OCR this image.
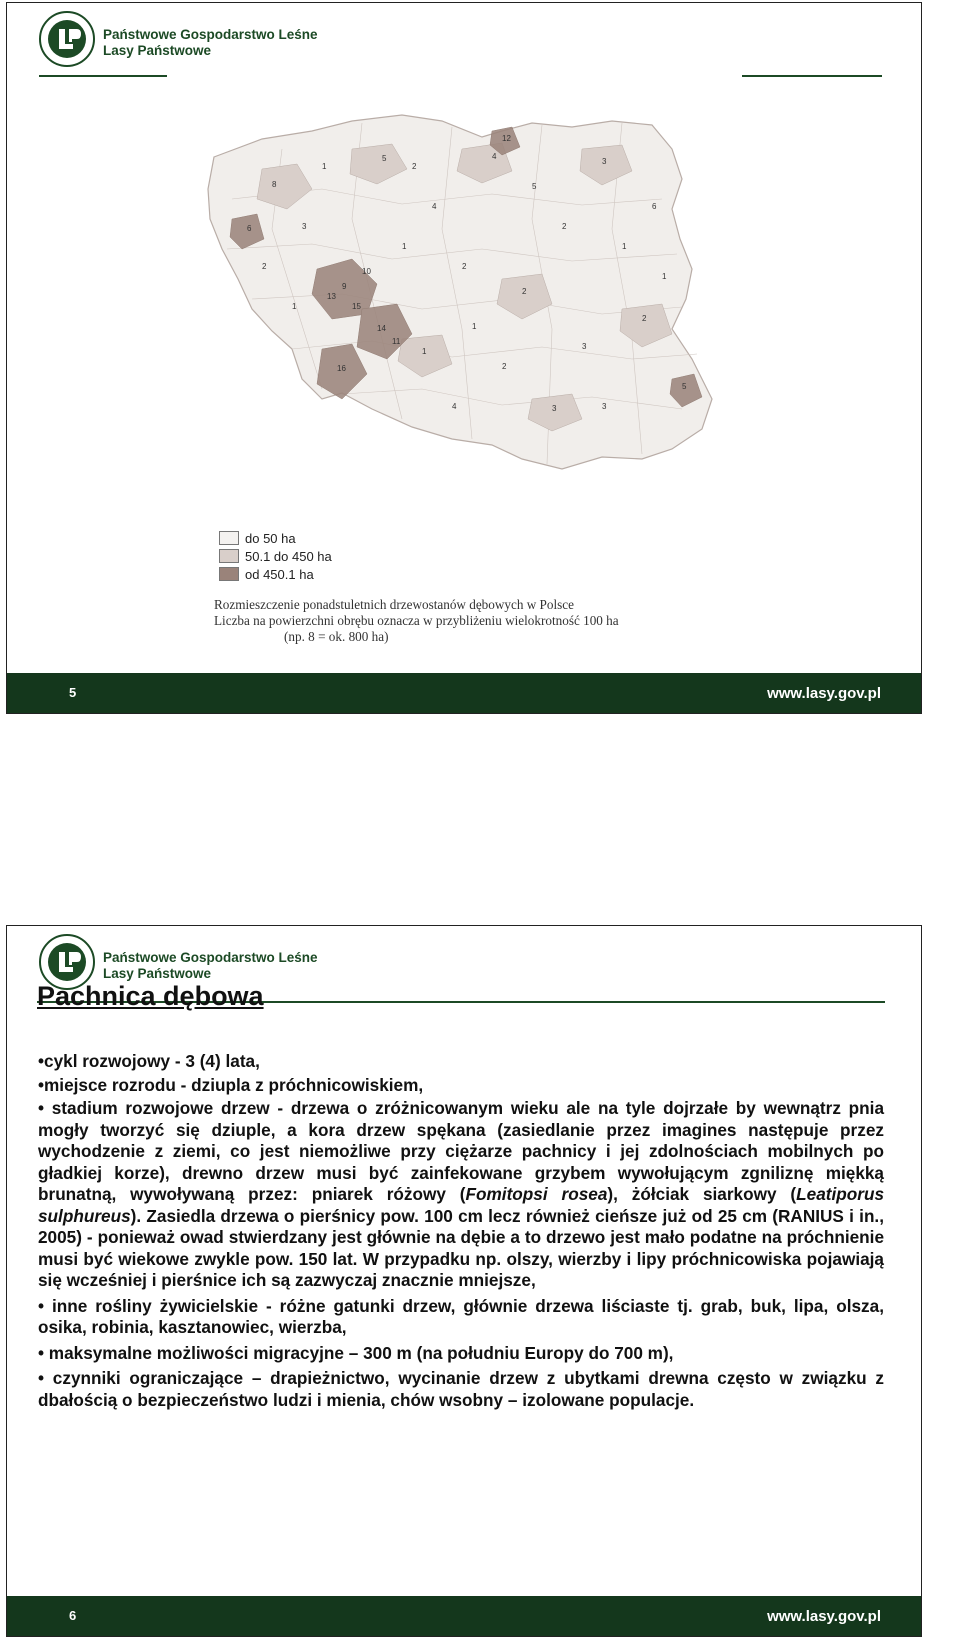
Państwowe Gospodarstwo Leśne
Lasy Państwowe
8
5	4
3
2
2
3
1
9
14
16
15
13
10
11
6
12
5
3
4
2
1
2
3
2
1
1
4
2
3
5
6
1
2
1
1
do 50 ha
50.1 do 450 ha
od 450.1 ha
Rozmieszczenie ponadstuletnich drzewostanów dębowych w Polsce
Liczba na powierzchni obrębu oznacza w przybliżeniu wielokrotność 100 ha
(np. 8 = ok. 800 ha)
5	www.lasy.gov.pl
Państwowe Gospodarstwo Leśne
Lasy Państwowe
Pachnica dębowa

•cykl rozwojowy - 3 (4) lata,

•miejsce rozrodu - dziupla z próchnicowiskiem,

• stadium rozwojowe drzew - drzewa o zróżnicowanym wieku ale na tyle dojrzałe by wewnątrz pnia mogły tworzyć się dziuple, a kora drzew spękana (zasiedlanie przez imagines następuje przez wychodzenie z ziemi, co jest niemożliwe przy ciężarze pachnicy i jej zdolnościach mobilnych po gładkiej korze), drewno drzew musi być zainfekowane grzybem wywołującym zgniliznę miękką brunatną, wywoływaną przez: pniarek różowy (Fomitopsi rosea), żółciak siarkowy (Leatiporus sulphureus). Zasiedla drzewa o pierśnicy pow. 100 cm lecz również cieńsze już od 25 cm (RANIUS i in., 2005) - ponieważ owad stwierdzany jest głównie na dębie a to drzewo jest mało podatne na próchnienie musi być wiekowe zwykle pow. 150 lat. W przypadku np. olszy, wierzby i lipy próchnicowiska pojawiają się wcześniej i pierśnice ich są zazwyczaj znacznie mniejsze,

• inne rośliny żywicielskie - różne gatunki drzew, głównie drzewa liściaste tj. grab, buk, lipa, olsza, osika, robinia, kasztanowiec, wierzba,

• maksymalne możliwości migracyjne – 300 m (na południu Europy do 700 m),

• czynniki ograniczające – drapieżnictwo, wycinanie drzew z ubytkami drewna często w związku z dbałością o bezpieczeństwo ludzi i mienia, chów wsobny – izolowane populacje.

6	www.lasy.gov.pl
